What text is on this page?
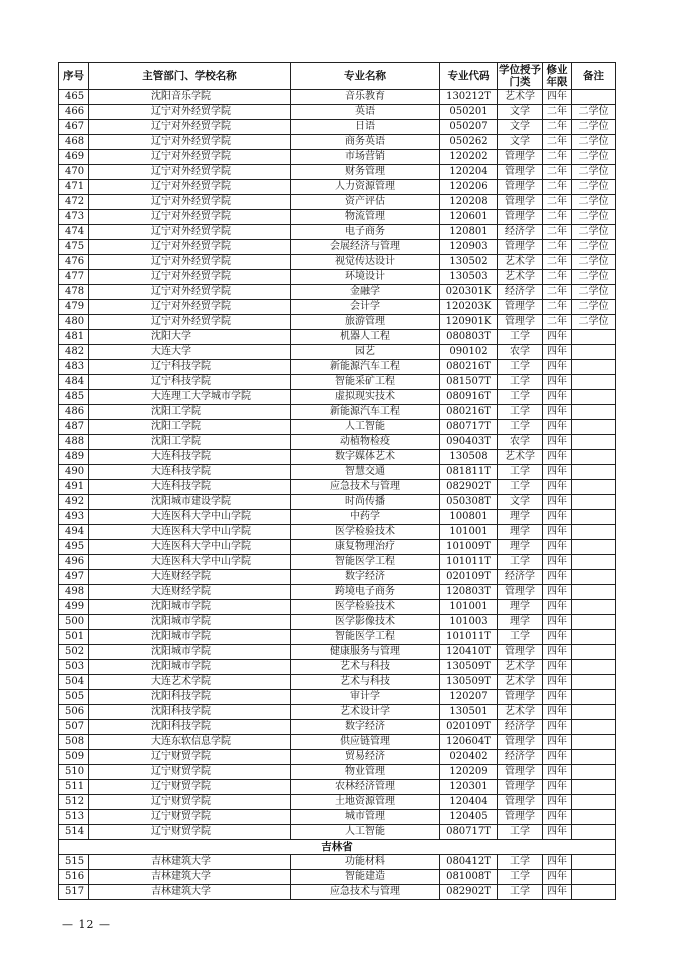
序号	主管部门、学校名称	专业名称	专业代码	学位授予门类	修业年限	备注
465	沈阳音乐学院	音乐教育	130212T	艺术学	四年	
466	辽宁对外经贸学院	英语	050201	文学	二年	二学位
467	辽宁对外经贸学院	日语	050207	文学	二年	二学位
468	辽宁对外经贸学院	商务英语	050262	文学	二年	二学位
469	辽宁对外经贸学院	市场营销	120202	管理学	二年	二学位
470	辽宁对外经贸学院	财务管理	120204	管理学	二年	二学位
471	辽宁对外经贸学院	人力资源管理	120206	管理学	二年	二学位
472	辽宁对外经贸学院	资产评估	120208	管理学	二年	二学位
473	辽宁对外经贸学院	物流管理	120601	管理学	二年	二学位
474	辽宁对外经贸学院	电子商务	120801	经济学	二年	二学位
475	辽宁对外经贸学院	会展经济与管理	120903	管理学	二年	二学位
476	辽宁对外经贸学院	视觉传达设计	130502	艺术学	二年	二学位
477	辽宁对外经贸学院	环境设计	130503	艺术学	二年	二学位
478	辽宁对外经贸学院	金融学	020301K	经济学	二年	二学位
479	辽宁对外经贸学院	会计学	120203K	管理学	二年	二学位
480	辽宁对外经贸学院	旅游管理	120901K	管理学	二年	二学位
481	沈阳大学	机器人工程	080803T	工学	四年	
482	大连大学	园艺	090102	农学	四年	
483	辽宁科技学院	新能源汽车工程	080216T	工学	四年	
484	辽宁科技学院	智能采矿工程	081507T	工学	四年	
485	大连理工大学城市学院	虚拟现实技术	080916T	工学	四年	
486	沈阳工学院	新能源汽车工程	080216T	工学	四年	
487	沈阳工学院	人工智能	080717T	工学	四年	
488	沈阳工学院	动植物检疫	090403T	农学	四年	
489	大连科技学院	数字媒体艺术	130508	艺术学	四年	
490	大连科技学院	智慧交通	081811T	工学	四年	
491	大连科技学院	应急技术与管理	082902T	工学	四年	
492	沈阳城市建设学院	时尚传播	050308T	文学	四年	
493	大连医科大学中山学院	中药学	100801	理学	四年	
494	大连医科大学中山学院	医学检验技术	101001	理学	四年	
495	大连医科大学中山学院	康复物理治疗	101009T	理学	四年	
496	大连医科大学中山学院	智能医学工程	101011T	工学	四年	
497	大连财经学院	数字经济	020109T	经济学	四年	
498	大连财经学院	跨境电子商务	120803T	管理学	四年	
499	沈阳城市学院	医学检验技术	101001	理学	四年	
500	沈阳城市学院	医学影像技术	101003	理学	四年	
501	沈阳城市学院	智能医学工程	101011T	工学	四年	
502	沈阳城市学院	健康服务与管理	120410T	管理学	四年	
503	沈阳城市学院	艺术与科技	130509T	艺术学	四年	
504	大连艺术学院	艺术与科技	130509T	艺术学	四年	
505	沈阳科技学院	审计学	120207	管理学	四年	
506	沈阳科技学院	艺术设计学	130501	艺术学	四年	
507	沈阳科技学院	数字经济	020109T	经济学	四年	
508	大连东软信息学院	供应链管理	120604T	管理学	四年	
509	辽宁财贸学院	贸易经济	020402	经济学	四年	
510	辽宁财贸学院	物业管理	120209	管理学	四年	
511	辽宁财贸学院	农林经济管理	120301	管理学	四年	
512	辽宁财贸学院	土地资源管理	120404	管理学	四年	
513	辽宁财贸学院	城市管理	120405	管理学	四年	
514	辽宁财贸学院	人工智能	080717T	工学	四年	
吉林省						
515	吉林建筑大学	功能材料	080412T	工学	四年	
516	吉林建筑大学	智能建造	081008T	工学	四年	
517	吉林建筑大学	应急技术与管理	082902T	工学	四年	
— 12 —
